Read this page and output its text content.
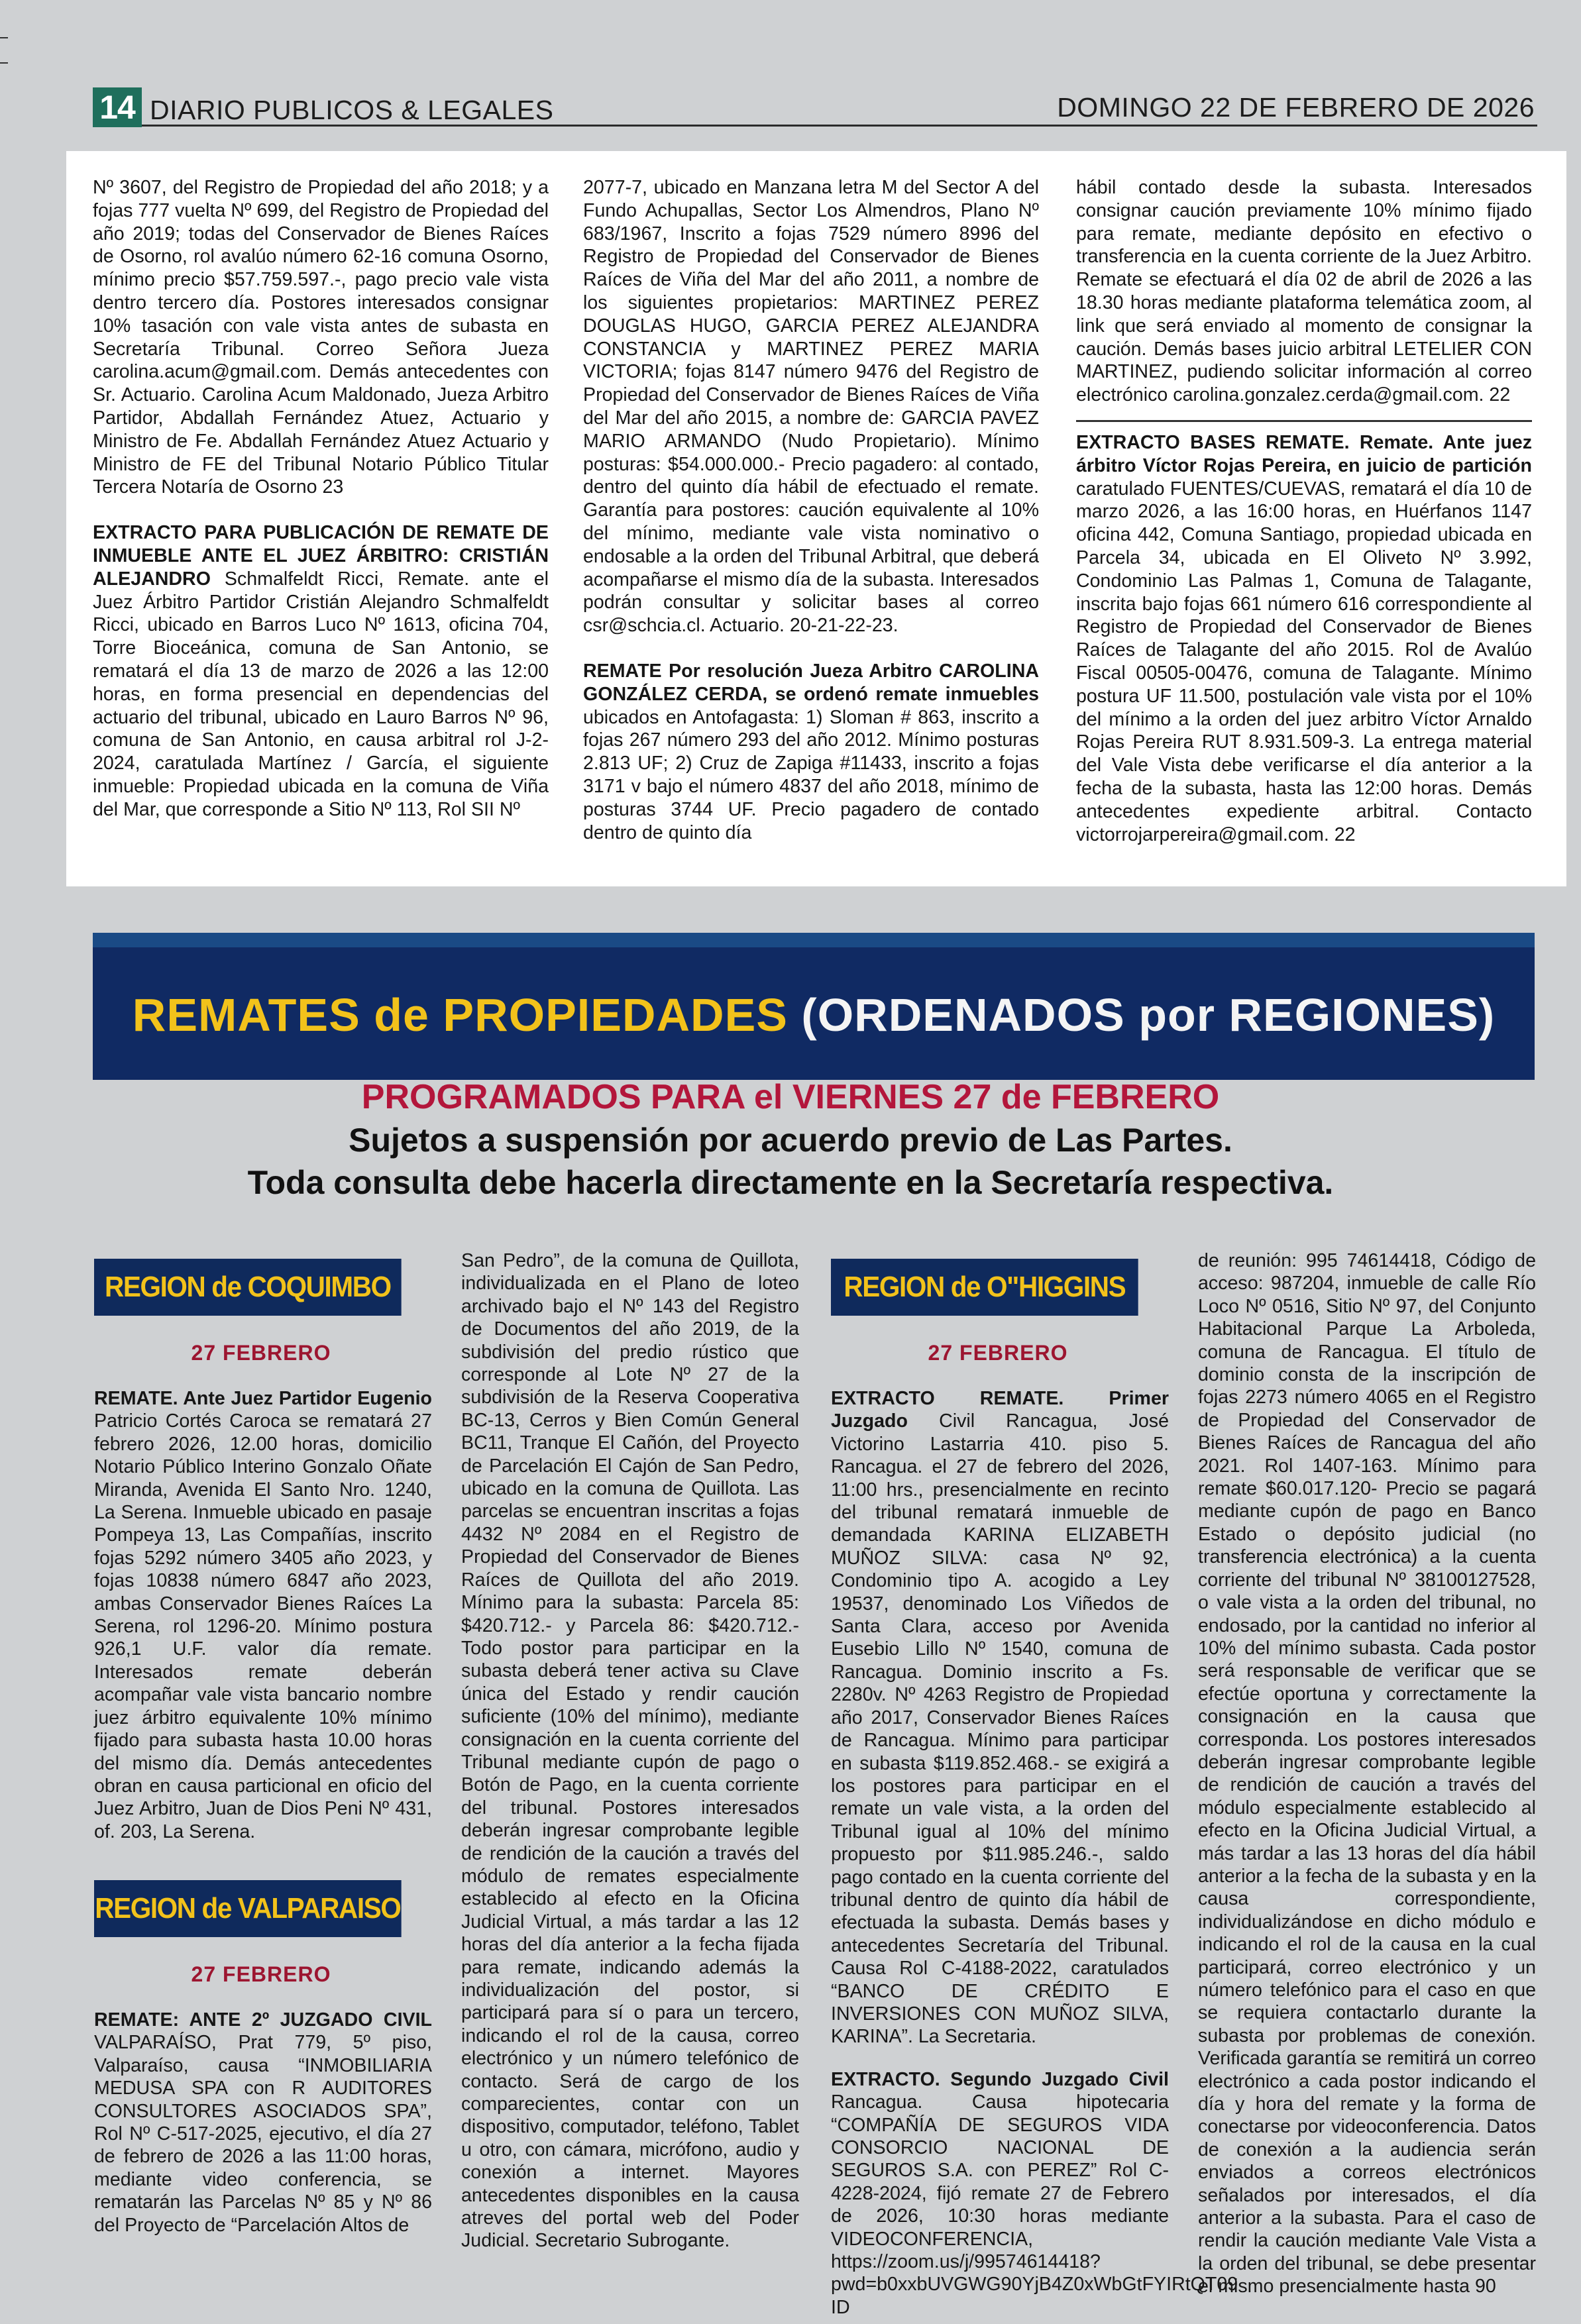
14 DIARIO PUBLICOS & LEGALES	DOMINGO 22 DE FEBRERO DE 2026

Nº 3607, del Registro de Propiedad del año 2018; y a fojas 777 vuelta Nº 699, del Registro de Propiedad del año 2019; todas del Conservador de Bienes Raíces de Osorno, rol avalúo número 62-16 comuna Osorno, mínimo precio $57.759.597.-, pago precio vale vista dentro tercero día. Postores interesados consignar 10% tasación con vale vista antes de subasta en Secretaría Tribunal. Correo Señora Jueza carolina.acum@gmail.com. Demás antecedentes con Sr. Actuario. Carolina Acum Maldonado, Jueza Arbitro Partidor, Abdallah Fernández Atuez, Actuario y Ministro de Fe. Abdallah Fernández Atuez Actuario y Ministro de FE del Tribunal Notario Público Titular Tercera Notaría de Osorno 23

EXTRACTO PARA PUBLICACIÓN DE REMATE DE INMUEBLE ANTE EL JUEZ ÁRBITRO: CRISTIÁN ALEJANDRO Schmalfeldt Ricci, Remate. ante el Juez Árbitro Partidor Cristián Alejandro Schmalfeldt Ricci, ubicado en Barros Luco Nº 1613, oficina 704, Torre Bioceánica, comuna de San Antonio, se rematará el día 13 de marzo de 2026 a las 12:00 horas, en forma presencial en dependencias del actuario del tribunal, ubicado en Lauro Barros Nº 96, comuna de San Antonio, en causa arbitral rol J-2-2024, caratulada Martínez / García, el siguiente inmueble: Propiedad ubicada en la comuna de Viña del Mar, que corresponde a Sitio Nº 113, Rol SII Nº

2077-7, ubicado en Manzana letra M del Sector A del Fundo Achupallas, Sector Los Almendros, Plano Nº 683/1967, Inscrito a fojas 7529 número 8996 del Registro de Propiedad del Conservador de Bienes Raíces de Viña del Mar del año 2011, a nombre de los siguientes propietarios: MARTINEZ PEREZ DOUGLAS HUGO, GARCIA PEREZ ALEJANDRA CONSTANCIA y MARTINEZ PEREZ MARIA VICTORIA; fojas 8147 número 9476 del Registro de Propiedad del Conservador de Bienes Raíces de Viña del Mar del año 2015, a nombre de: GARCIA PAVEZ MARIO ARMANDO (Nudo Propietario). Mínimo posturas: $54.000.000.- Precio pagadero: al contado, dentro del quinto día hábil de efectuado el remate. Garantía para postores: caución equivalente al 10% del mínimo, mediante vale vista nominativo o endosable a la orden del Tribunal Arbitral, que deberá acompañarse el mismo día de la subasta. Interesados podrán consultar y solicitar bases al correo csr@schcia.cl. Actuario. 20-21-22-23.

REMATE Por resolución Jueza Arbitro CAROLINA GONZÁLEZ CERDA, se ordenó remate inmuebles ubicados en Antofagasta: 1) Sloman # 863, inscrito a fojas 267 número 293 del año 2012. Mínimo posturas 2.813 UF; 2) Cruz de Zapiga #11433, inscrito a fojas 3171 v bajo el número 4837 del año 2018, mínimo de posturas 3744 UF. Precio pagadero de contado dentro de quinto día

hábil contado desde la subasta. Interesados consignar caución previamente 10% mínimo fijado para remate, mediante depósito en efectivo o transferencia en la cuenta corriente de la Juez Arbitro. Remate se efectuará el día 02 de abril de 2026 a las 18.30 horas mediante plataforma telemática zoom, al link que será enviado al momento de consignar la caución. Demás bases juicio arbitral LETELIER CON MARTINEZ, pudiendo solicitar información al correo electrónico carolina.gonzalez.cerda@gmail.com. 22

EXTRACTO BASES REMATE. Remate. Ante juez árbitro Víctor Rojas Pereira, en juicio de partición caratulado FUENTES/CUEVAS, rematará el día 10 de marzo 2026, a las 16:00 horas, en Huérfanos 1147 oficina 442, Comuna Santiago, propiedad ubicada en Parcela 34, ubicada en El Oliveto Nº 3.992, Condominio Las Palmas 1, Comuna de Talagante, inscrita bajo fojas 661 número 616 correspondiente al Registro de Propiedad del Conservador de Bienes Raíces de Talagante del año 2015. Rol de Avalúo Fiscal 00505-00476, comuna de Talagante. Mínimo postura UF 11.500, postulación vale vista por el 10% del mínimo a la orden del juez arbitro Víctor Arnaldo Rojas Pereira RUT 8.931.509-3. La entrega material del Vale Vista debe verificarse el día anterior a la fecha de la subasta, hasta las 12:00 horas. Demás antecedentes expediente arbitral. Contacto victorrojarpereira@gmail.com. 22

REMATES de PROPIEDADES (ORDENADOS por REGIONES)
PROGRAMADOS PARA el VIERNES 27 de FEBRERO
Sujetos a suspensión por acuerdo previo de Las Partes.
Toda consulta debe hacerla directamente en la Secretaría respectiva.
REGION de COQUIMBO
27 FEBRERO

REMATE. Ante Juez Partidor Eugenio Patricio Cortés Caroca se rematará 27 febrero 2026, 12.00 horas, domicilio Notario Público Interino Gonzalo Oñate Miranda, Avenida El Santo Nro. 1240, La Serena. Inmueble ubicado en pasaje Pompeya 13, Las Compañías, inscrito fojas 5292 número 3405 año 2023, y fojas 10838 número 6847 año 2023, ambas Conservador Bienes Raíces La Serena, rol 1296-20. Mínimo postura 926,1 U.F. valor día remate. Interesados remate deberán acompañar vale vista bancario nombre juez árbitro equivalente 10% mínimo fijado para subasta hasta 10.00 horas del mismo día. Demás antecedentes obran en causa particional en oficio del Juez Arbitro, Juan de Dios Peni Nº 431, of. 203, La Serena.

REGION de VALPARAISO
27 FEBRERO

REMATE: ANTE 2º JUZGADO CIVIL VALPARAÍSO, Prat 779, 5º piso, Valparaíso, causa “INMOBILIARIA MEDUSA SPA con R AUDITORES CONSULTORES ASOCIADOS SPA”, Rol Nº C-517-2025, ejecutivo, el día 27 de febrero de 2026 a las 11:00 horas, mediante video conferencia, se rematarán las Parcelas Nº 85 y Nº 86 del Proyecto de “Parcelación Altos de

San Pedro”, de la comuna de Quillota, individualizada en el Plano de loteo archivado bajo el Nº 143 del Registro de Documentos del año 2019, de la subdivisión del predio rústico que corresponde al Lote Nº 27 de la subdivisión de la Reserva Cooperativa BC-13, Cerros y Bien Común General BC11, Tranque El Cañón, del Proyecto de Parcelación El Cajón de San Pedro, ubicado en la comuna de Quillota. Las parcelas se encuentran inscritas a fojas 4432 Nº 2084 en el Registro de Propiedad del Conservador de Bienes Raíces de Quillota del año 2019. Mínimo para la subasta: Parcela 85: $420.712.- y Parcela 86: $420.712.- Todo postor para participar en la subasta deberá tener activa su Clave única del Estado y rendir caución suficiente (10% del mínimo), mediante consignación en la cuenta corriente del Tribunal mediante cupón de pago o Botón de Pago, en la cuenta corriente del tribunal. Postores interesados deberán ingresar comprobante legible de rendición de la caución a través del módulo de remates especialmente establecido al efecto en la Oficina Judicial Virtual, a más tardar a las 12 horas del día anterior a la fecha fijada para remate, indicando además la individualización del postor, si participará para sí o para un tercero, indicando el rol de la causa, correo electrónico y un número telefónico de contacto. Será de cargo de los comparecientes, contar con un dispositivo, computador, teléfono, Tablet u otro, con cámara, micrófono, audio y conexión a internet. Mayores antecedentes disponibles en la causa atreves del portal web del Poder Judicial. Secretario Subrogante.

REGION de O"HIGGINS
27 FEBRERO

EXTRACTO REMATE. Primer Juzgado Civil Rancagua, José Victorino Lastarria 410. piso 5. Rancagua. el 27 de febrero del 2026, 11:00 hrs., presencialmente en recinto del tribunal rematará inmueble de demandada KARINA ELIZABETH MUÑOZ SILVA: casa Nº 92, Condominio tipo A. acogido a Ley 19537, denominado Los Viñedos de Santa Clara, acceso por Avenida Eusebio Lillo Nº 1540, comuna de Rancagua. Dominio inscrito a Fs. 2280v. Nº 4263 Registro de Propiedad año 2017, Conservador Bienes Raíces de Rancagua. Mínimo para participar en subasta $119.852.468.- se exigirá a los postores para participar en el remate un vale vista, a la orden del Tribunal igual al 10% del mínimo propuesto por $11.985.246.-, saldo pago contado en la cuenta corriente del tribunal dentro de quinto día hábil de efectuada la subasta. Demás bases y antecedentes Secretaría del Tribunal. Causa Rol C-4188-2022, caratulados “BANCO DE CRÉDITO E INVERSIONES CON MUÑOZ SILVA, KARINA”. La Secretaria.

EXTRACTO. Segundo Juzgado Civil Rancagua. Causa hipotecaria “COMPAÑÍA DE SEGUROS VIDA CONSORCIO NACIONAL DE SEGUROS S.A. con PEREZ” Rol C-4228-2024, fijó remate 27 de Febrero de 2026, 10:30 horas mediante VIDEOCONFERENCIA, https://zoom.us/j/99574614418?pwd=b0xxbUVGWG90YjB4Z0xWbGtFYIRtQT09 ID

de reunión: 995 74614418, Código de acceso: 987204, inmueble de calle Río Loco Nº 0516, Sitio Nº 97, del Conjunto Habitacional Parque La Arboleda, comuna de Rancagua. El título de dominio consta de la inscripción de fojas 2273 número 4065 en el Registro de Propiedad del Conservador de Bienes Raíces de Rancagua del año 2021. Rol 1407-163. Mínimo para remate $60.017.120- Precio se pagará mediante cupón de pago en Banco Estado o depósito judicial (no transferencia electrónica) a la cuenta corriente del tribunal Nº 38100127528, o vale vista a la orden del tribunal, no endosado, por la cantidad no inferior al 10% del mínimo subasta. Cada postor será responsable de verificar que se efectúe oportuna y correctamente la consignación en la causa que corresponda. Los postores interesados deberán ingresar comprobante legible de rendición de caución a través del módulo especialmente establecido al efecto en la Oficina Judicial Virtual, a más tardar a las 13 horas del día hábil anterior a la fecha de la subasta y en la causa correspondiente, individualizándose en dicho módulo e indicando el rol de la causa en la cual participará, correo electrónico y un número telefónico para el caso en que se requiera contactarlo durante la subasta por problemas de conexión. Verificada garantía se remitirá un correo electrónico a cada postor indicando el día y hora del remate y la forma de conectarse por videoconferencia. Datos de conexión a la audiencia serán enviados a correos electrónicos señalados por interesados, el día anterior a la subasta. Para el caso de rendir la caución mediante Vale Vista a la orden del tribunal, se debe presentar el mismo presencialmente hasta 90
